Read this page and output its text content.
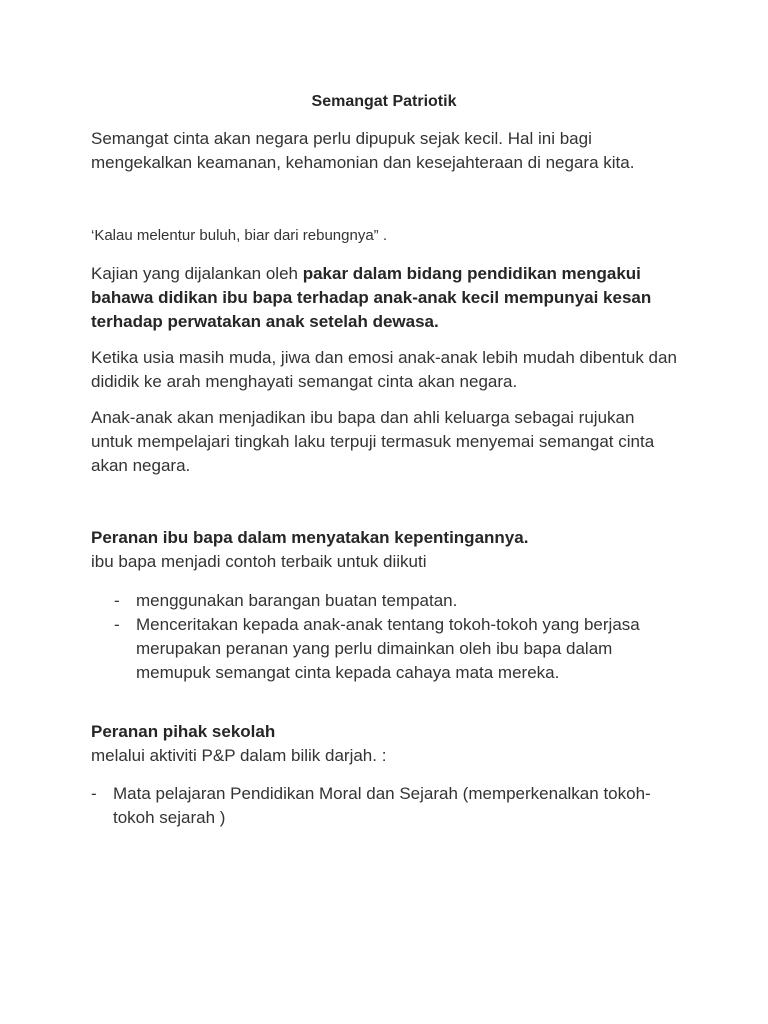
Semangat Patriotik

Semangat cinta akan negara perlu dipupuk sejak kecil. Hal ini bagi mengekalkan keamanan, kehamonian dan kesejahteraan di negara kita.

‘Kalau melentur buluh, biar dari rebungnya” .

Kajian yang dijalankan oleh pakar dalam bidang pendidikan mengakui bahawa didikan ibu bapa terhadap anak-anak kecil mempunyai kesan terhadap perwatakan anak setelah dewasa.

Ketika usia masih muda, jiwa dan emosi anak-anak lebih mudah dibentuk dan dididik ke arah menghayati semangat cinta akan negara.

Anak-anak akan menjadikan ibu bapa dan ahli keluarga sebagai rujukan untuk mempelajari tingkah laku terpuji termasuk menyemai semangat cinta akan negara.

Peranan ibu bapa dalam menyatakan kepentingannya.
ibu bapa menjadi contoh terbaik untuk diikuti

- menggunakan barangan buatan tempatan.
- Menceritakan kepada anak-anak tentang tokoh-tokoh yang berjasa merupakan peranan yang perlu dimainkan oleh ibu bapa dalam memupuk semangat cinta kepada cahaya mata mereka.

Peranan pihak sekolah
melalui aktiviti P&P dalam bilik darjah. :

- Mata pelajaran Pendidikan Moral dan Sejarah (memperkenalkan tokoh-tokoh sejarah )
